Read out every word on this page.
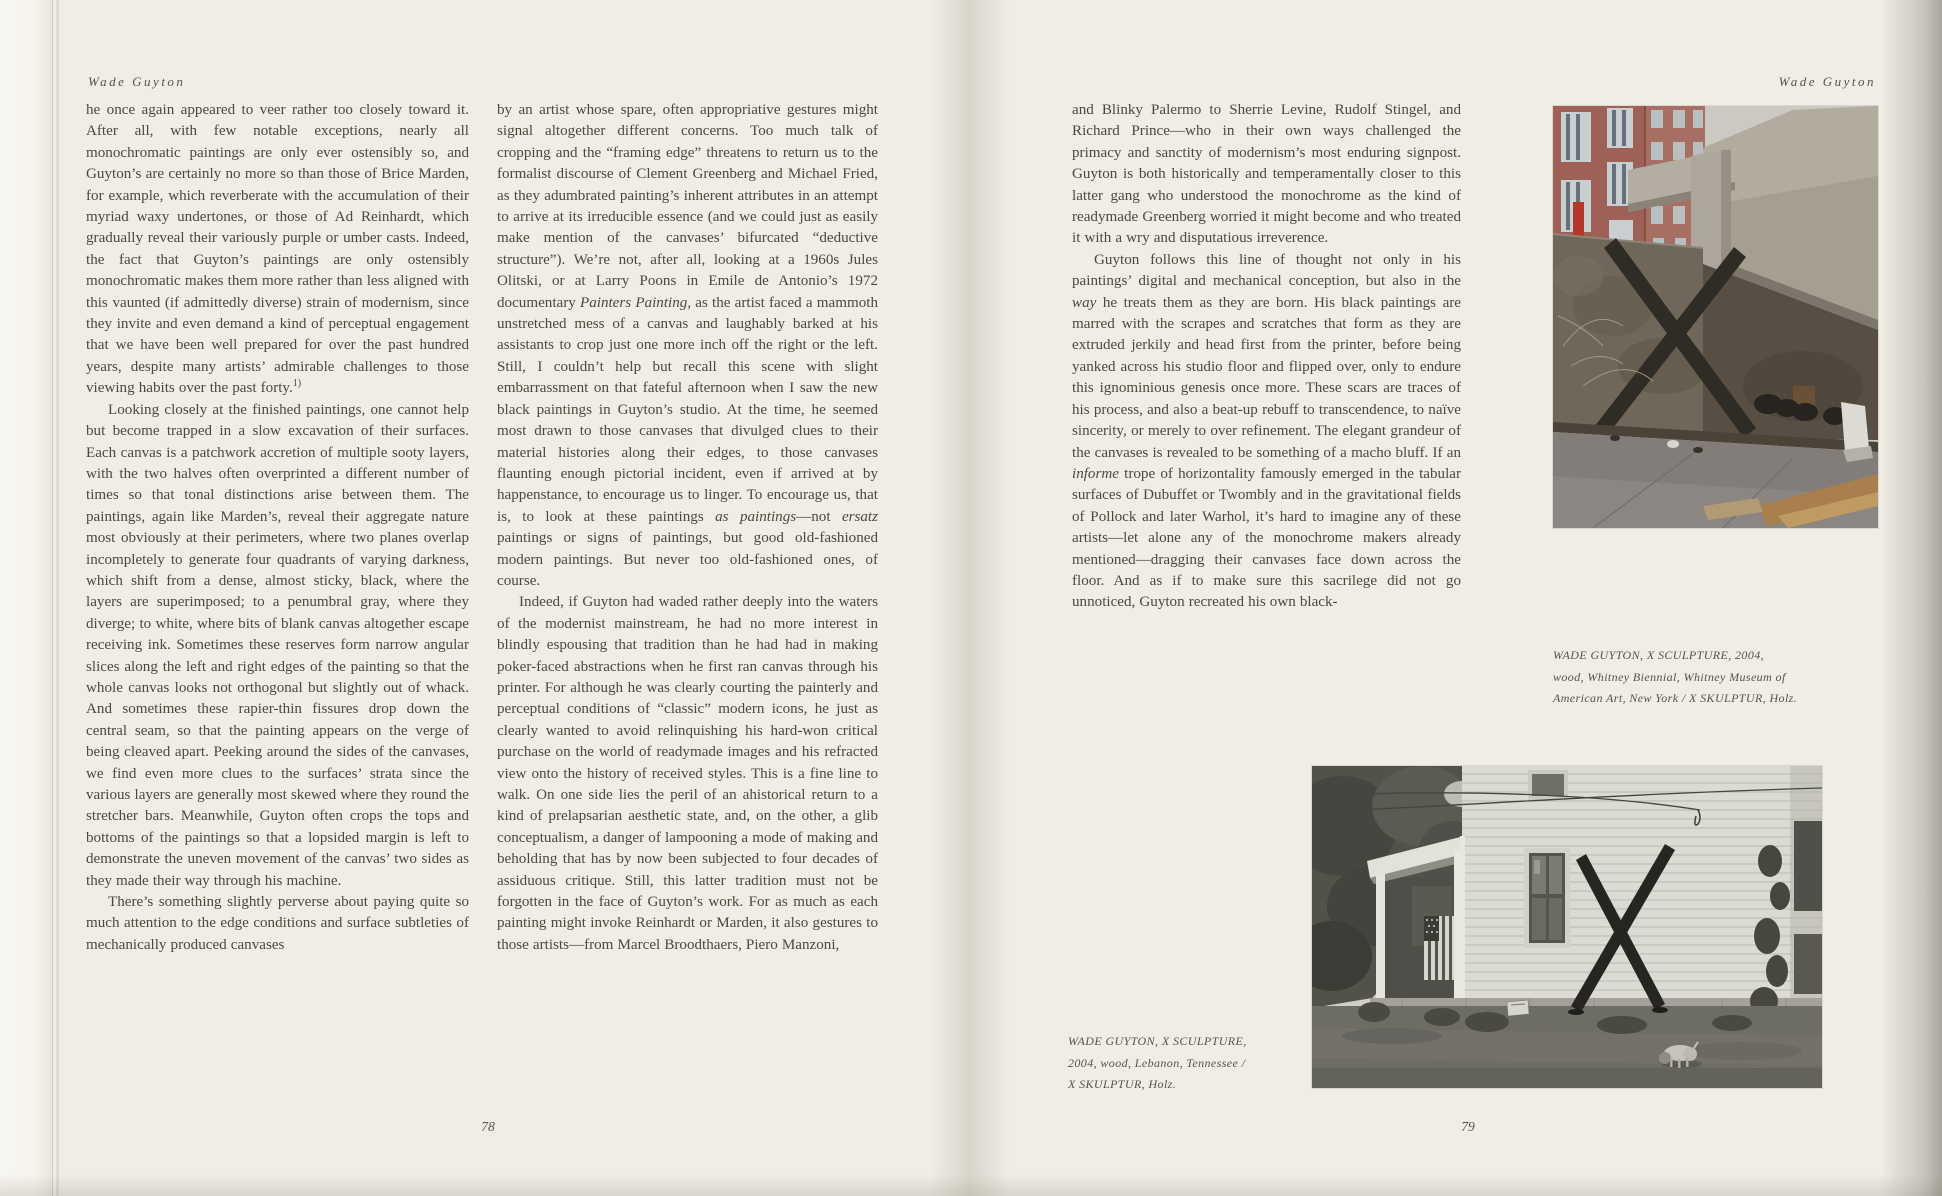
Wade Guyton

he once again appeared to veer rather too closely toward it. After all, with few notable exceptions, nearly all monochromatic paintings are only ever ostensibly so, and Guyton’s are certainly no more so than those of Brice Marden, for example, which reverberate with the accumulation of their myriad waxy undertones, or those of Ad Reinhardt, which gradually reveal their variously purple or umber casts. Indeed, the fact that Guyton’s paintings are only ostensibly monochromatic makes them more rather than less aligned with this vaunted (if admittedly diverse) strain of modernism, since they invite and even demand a kind of perceptual engagement that we have been well prepared for over the past hundred years, despite many artists’ admirable challenges to those viewing habits over the past forty.$^{1)}$

Looking closely at the finished paintings, one cannot help but become trapped in a slow excavation of their surfaces. Each canvas is a patchwork accretion of multiple sooty layers, with the two halves often overprinted a different number of times so that tonal distinctions arise between them. The paintings, again like Marden’s, reveal their aggregate nature most obviously at their perimeters, where two planes overlap incompletely to generate four quadrants of varying darkness, which shift from a dense, almost sticky, black, where the layers are superimposed; to a penumbral gray, where they diverge; to white, where bits of blank canvas altogether escape receiving ink. Sometimes these reserves form narrow angular slices along the left and right edges of the painting so that the whole canvas looks not orthogonal but slightly out of whack. And sometimes these rapier-thin fissures drop down the central seam, so that the painting appears on the verge of being cleaved apart. Peeking around the sides of the canvases, we find even more clues to the surfaces’ strata since the various layers are generally most skewed where they round the stretcher bars. Meanwhile, Guyton often crops the tops and bottoms of the paintings so that a lopsided margin is left to demonstrate the uneven movement of the canvas’ two sides as they made their way through his machine.

There’s something slightly perverse about paying quite so much attention to the edge conditions and surface subtleties of mechanically produced canvases

by an artist whose spare, often appropriative gestures might signal altogether different concerns. Too much talk of cropping and the “framing edge” threatens to return us to the formalist discourse of Clement Greenberg and Michael Fried, as they adumbrated painting’s inherent attributes in an attempt to arrive at its irreducible essence (and we could just as easily make mention of the canvases’ bifurcated “deductive structure”). We’re not, after all, looking at a 1960s Jules Olitski, or at Larry Poons in Emile de Antonio’s 1972 documentary Painters Painting, as the artist faced a mammoth unstretched mess of a canvas and laughably barked at his assistants to crop just one more inch off the right or the left. Still, I couldn’t help but recall this scene with slight embarrassment on that fateful afternoon when I saw the new black paintings in Guyton’s studio. At the time, he seemed most drawn to those canvases that divulged clues to their material histories along their edges, to those canvases flaunting enough pictorial incident, even if arrived at by happenstance, to encourage us to linger. To encourage us, that is, to look at these paintings as paintings—not ersatz paintings or signs of paintings, but good old-fashioned modern paintings. But never too old-fashioned ones, of course.

Indeed, if Guyton had waded rather deeply into the waters of the modernist mainstream, he had no more interest in blindly espousing that tradition than he had had in making poker-faced abstractions when he first ran canvas through his printer. For although he was clearly courting the painterly and perceptual conditions of “classic” modern icons, he just as clearly wanted to avoid relinquishing his hard-won critical purchase on the world of readymade images and his refracted view onto the history of received styles. This is a fine line to walk. On one side lies the peril of an ahistorical return to a kind of prelapsarian aesthetic state, and, on the other, a glib conceptualism, a danger of lampooning a mode of making and beholding that has by now been subjected to four decades of assiduous critique. Still, this latter tradition must not be forgotten in the face of Guyton’s work. For as much as each painting might invoke Reinhardt or Marden, it also gestures to those artists—from Marcel Broodthaers, Piero Manzoni,

78
Wade Guyton

and Blinky Palermo to Sherrie Levine, Rudolf Stingel, and Richard Prince—who in their own ways challenged the primacy and sanctity of modernism’s most enduring signpost. Guyton is both historically and temperamentally closer to this latter gang who understood the monochrome as the kind of readymade Greenberg worried it might become and who treated it with a wry and disputatious irreverence.

Guyton follows this line of thought not only in his paintings’ digital and mechanical conception, but also in the way he treats them as they are born. His black paintings are marred with the scrapes and scratches that form as they are extruded jerkily and head first from the printer, before being yanked across his studio floor and flipped over, only to endure this ignominious genesis once more. These scars are traces of his process, and also a beat-up rebuff to transcendence, to naïve sincerity, or merely to over refinement. The elegant grandeur of the canvases is revealed to be something of a macho bluff. If an informe trope of horizontality famously emerged in the tabular surfaces of Dubuffet or Twombly and in the gravitational fields of Pollock and later Warhol, it’s hard to imagine any of these artists—let alone any of the monochrome makers already mentioned—dragging their canvases face down across the floor. And as if to make sure this sacrilege did not go unnoticed, Guyton recreated his own black-

WADE GUYTON, X SCULPTURE, 2004,
wood, Whitney Biennial, Whitney Museum of
American Art, New York / X SKULPTUR, Holz.
WADE GUYTON, X SCULPTURE,
2004, wood, Lebanon, Tennessee /
X SKULPTUR, Holz.
79
